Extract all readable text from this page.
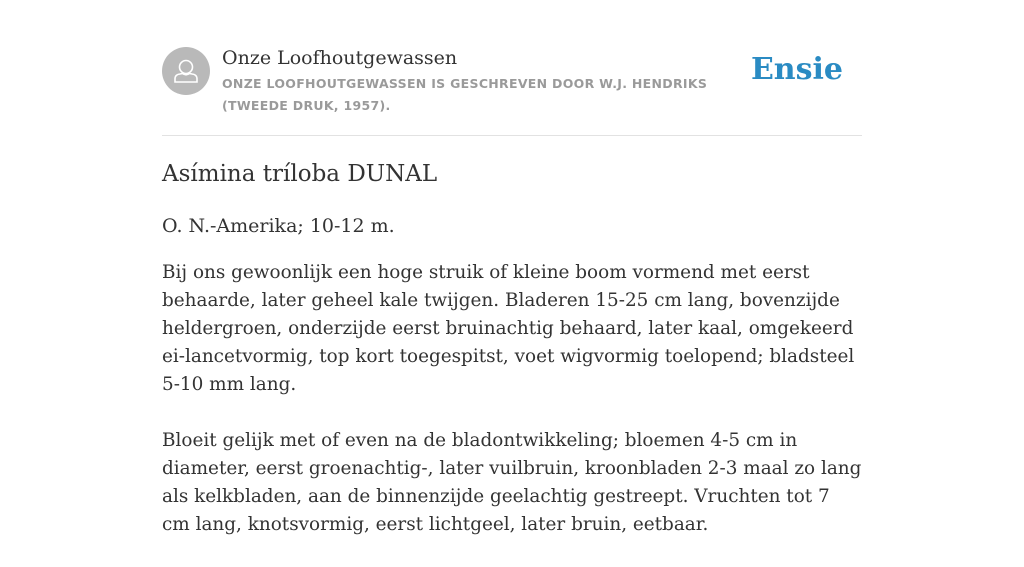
Onze Loofhoutgewassen
ONZE LOOFHOUTGEWASSEN IS GESCHREVEN DOOR W.J. HENDRIKS (TWEEDE DRUK, 1957).
Ensie
Asímina tríloba DUNAL
O. N.-Amerika; 10-12 m.

Bij ons gewoonlijk een hoge struik of kleine boom vormend met eerst behaarde, later geheel kale twijgen. Bladeren 15-25 cm lang, bovenzijde heldergroen, onderzijde eerst bruinachtig behaard, later kaal, omgekeerd ei-lancetvormig, top kort toegespitst, voet wigvormig toelopend; bladsteel 5-10 mm lang.

Bloeit gelijk met of even na de bladontwikkeling; bloemen 4-5 cm in diameter, eerst groenachtig-, later vuilbruin, kroonbladen 2-3 maal zo lang als kelkbladen, aan de binnenzijde geelachtig gestreept. Vruchten tot 7 cm lang, knotsvormig, eerst lichtgeel, later bruin, eetbaar.
